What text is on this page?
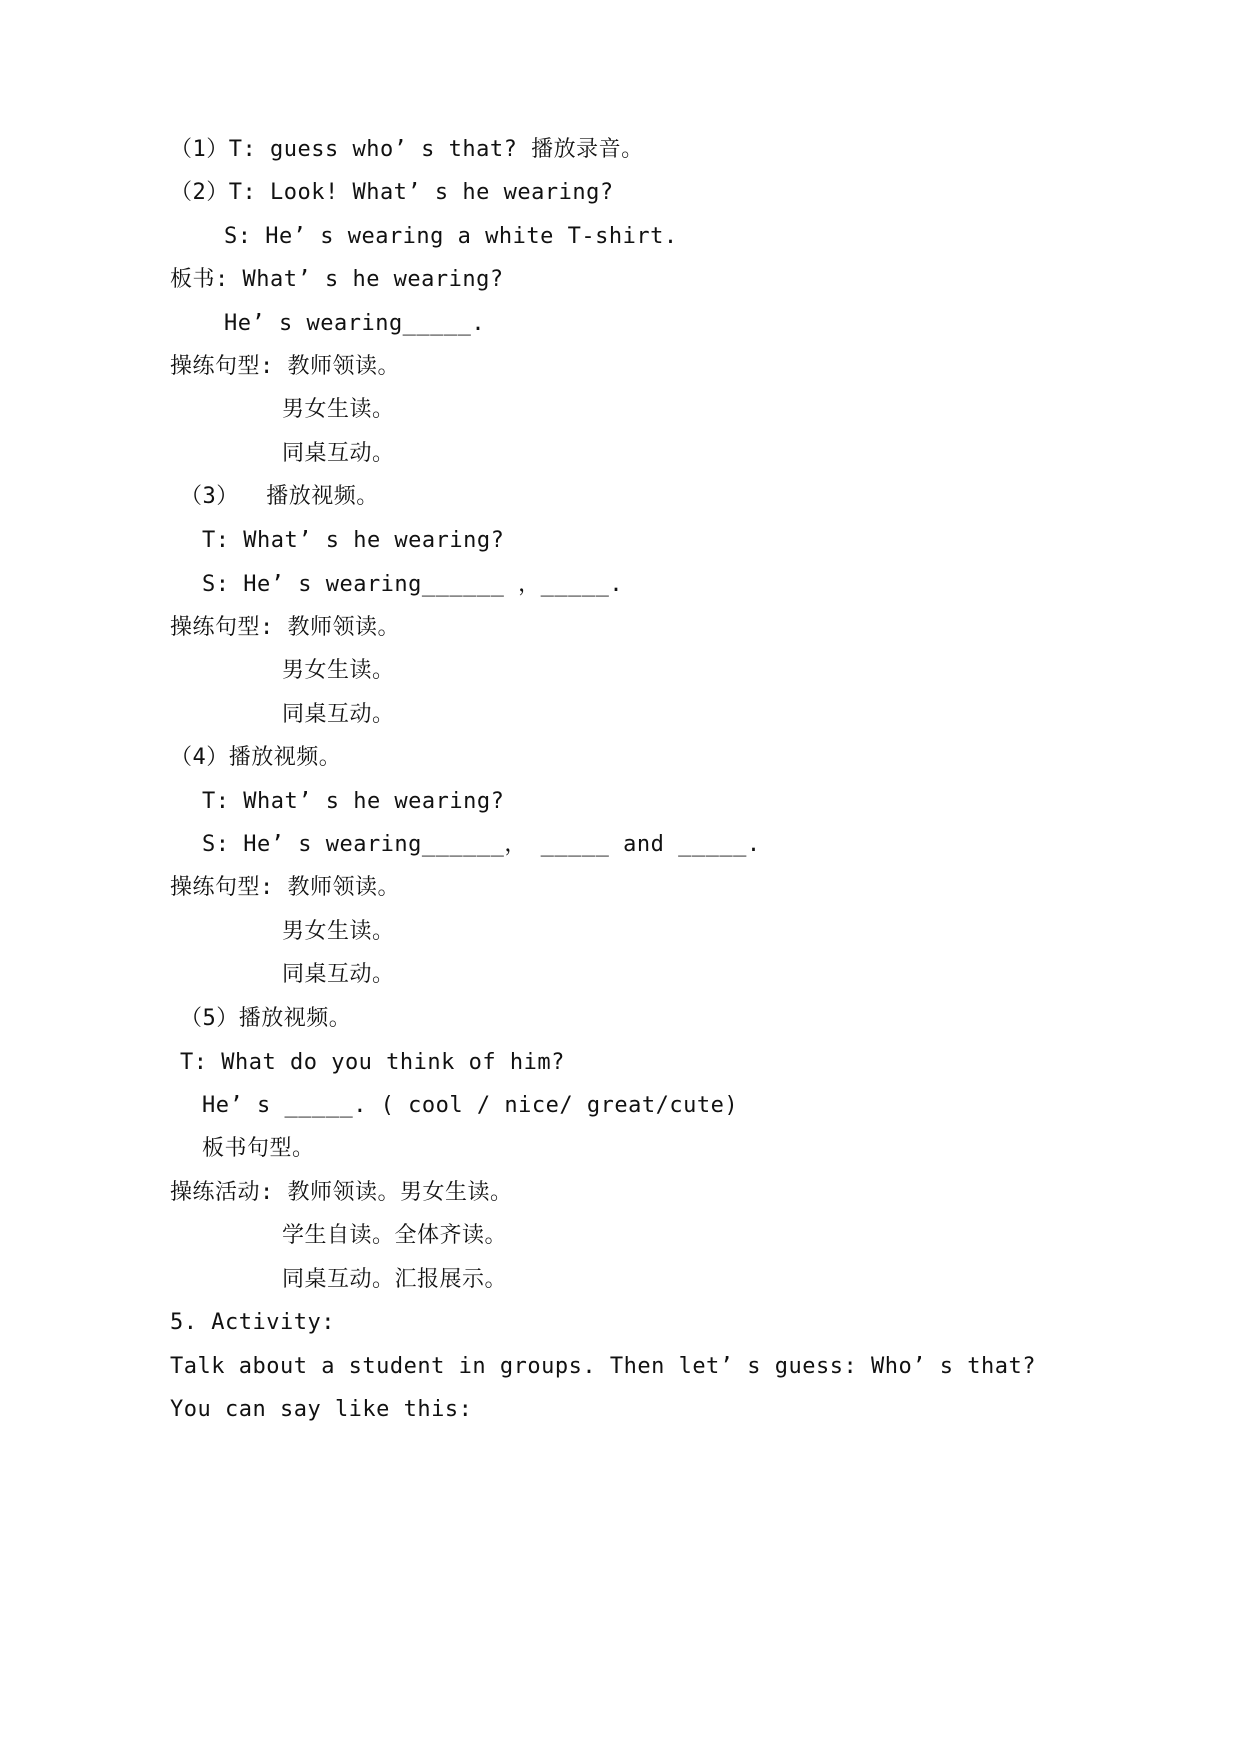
（1）T: guess who’ s that? 播放录音。
（2）T: Look! What’ s he wearing?
S: He’ s wearing a white T-shirt.
板书: What’ s he wearing?
He’ s wearing_____.
操练句型: 教师领读。
男女生读。
同桌互动。
（3）  播放视频。
T: What’ s he wearing?
S: He’ s wearing______ ，_____.
操练句型: 教师领读。
男女生读。
同桌互动。
（4）播放视频。
T: What’ s he wearing?
S: He’ s wearing______， _____ and _____.
操练句型: 教师领读。
男女生读。
同桌互动。
（5）播放视频。
T: What do you think of him?
He’ s _____. ( cool / nice/ great/cute)
板书句型。
操练活动: 教师领读。男女生读。
学生自读。全体齐读。
同桌互动。汇报展示。
5. Activity:
Talk about a student in groups. Then let’ s guess: Who’ s that?
You can say like this:
